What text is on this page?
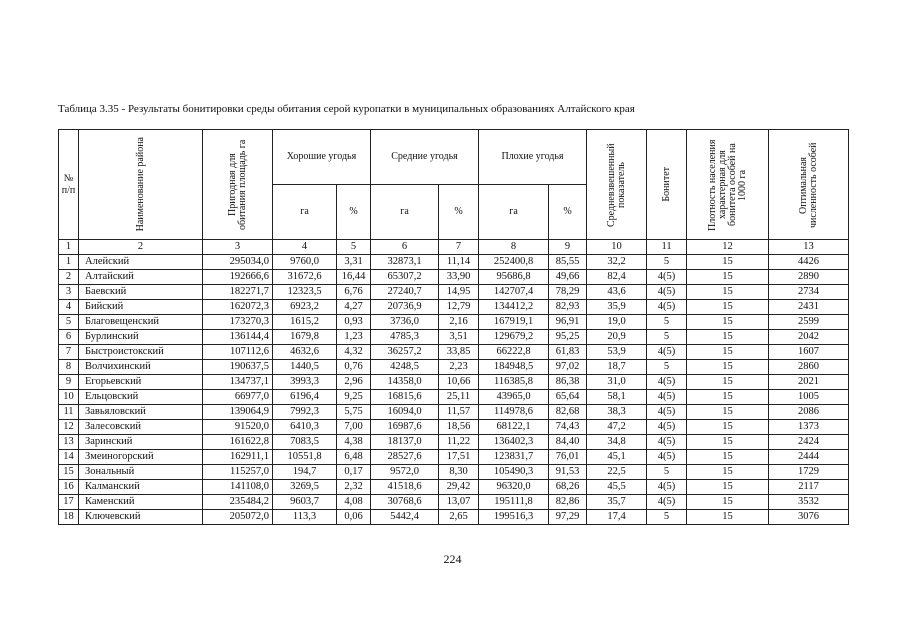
Таблица 3.35 - Результаты бонитировки среды обитания серой куропатки в муниципальных образованиях Алтайского края
№ п/п	Наименование района	Пригодная для обитания площадь га	Хорошие угодья		Средние угодья		Плохие угодья		Средневзвешенный показатель	Бонитет	Плотность населения характерная для бонитета особей на 1000 га	Оптимальная численность особей

			га	%	га	%	га	%				
1	2	3	4	5	6	7	8	9	10	11	12	13
1	Алейский	295034,0	9760,0	3,31	32873,1	11,14	252400,8	85,55	32,2	5	15	4426
2	Алтайский	192666,6	31672,6	16,44	65307,2	33,90	95686,8	49,66	82,4	4(5)	15	2890
3	Баевский	182271,7	12323,5	6,76	27240,7	14,95	142707,4	78,29	43,6	4(5)	15	2734
4	Бийский	162072,3	6923,2	4,27	20736,9	12,79	134412,2	82,93	35,9	4(5)	15	2431
5	Благовещенский	173270,3	1615,2	0,93	3736,0	2,16	167919,1	96,91	19,0	5	15	2599
6	Бурлинский	136144,4	1679,8	1,23	4785,3	3,51	129679,2	95,25	20,9	5	15	2042
7	Быстроистокский	107112,6	4632,6	4,32	36257,2	33,85	66222,8	61,83	53,9	4(5)	15	1607
8	Волчихинский	190637,5	1440,5	0,76	4248,5	2,23	184948,5	97,02	18,7	5	15	2860
9	Егорьевский	134737,1	3993,3	2,96	14358,0	10,66	116385,8	86,38	31,0	4(5)	15	2021
10	Ельцовский	66977,0	6196,4	9,25	16815,6	25,11	43965,0	65,64	58,1	4(5)	15	1005
11	Завьяловский	139064,9	7992,3	5,75	16094,0	11,57	114978,6	82,68	38,3	4(5)	15	2086
12	Залесовский	91520,0	6410,3	7,00	16987,6	18,56	68122,1	74,43	47,2	4(5)	15	1373
13	Заринский	161622,8	7083,5	4,38	18137,0	11,22	136402,3	84,40	34,8	4(5)	15	2424
14	Змеиногорский	162911,1	10551,8	6,48	28527,6	17,51	123831,7	76,01	45,1	4(5)	15	2444
15	Зональный	115257,0	194,7	0,17	9572,0	8,30	105490,3	91,53	22,5	5	15	1729
16	Калманский	141108,0	3269,5	2,32	41518,6	29,42	96320,0	68,26	45,5	4(5)	15	2117
17	Каменский	235484,2	9603,7	4,08	30768,6	13,07	195111,8	82,86	35,7	4(5)	15	3532
18	Ключевский	205072,0	113,3	0,06	5442,4	2,65	199516,3	97,29	17,4	5	15	3076
224
